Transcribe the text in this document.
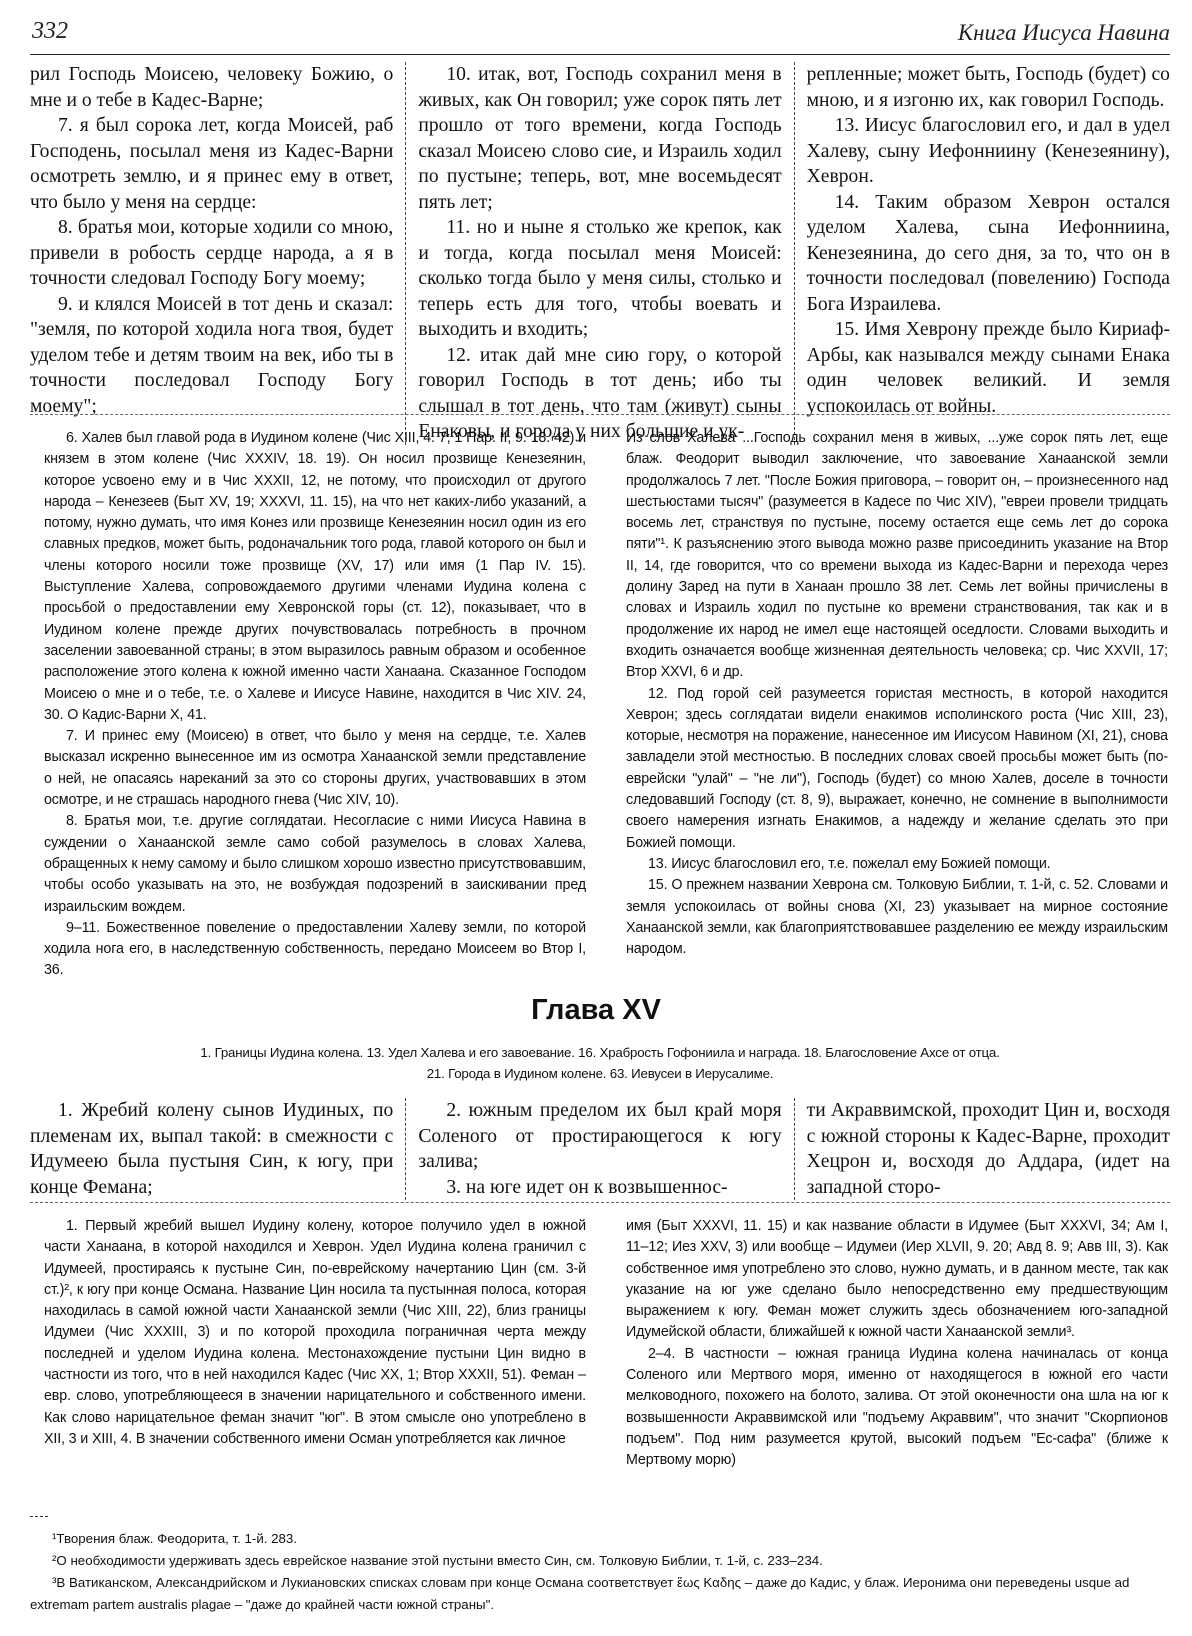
332	Книга Иисуса Навина

рил Господь Моисею, человеку Божию, о мне и о тебе в Кадес-Варне;

7. я был сорока лет, когда Моисей, раб Господень, посылал меня из Кадес-Варни осмотреть землю, и я принес ему в ответ, что было у меня на сердце:

8. братья мои, которые ходили со мною, привели в робость сердце народа, а я в точности следовал Господу Богу моему;

9. и клялся Моисей в тот день и сказал: "земля, по которой ходила нога твоя, будет уделом тебе и детям твоим на век, ибо ты в точности последовал Господу Богу моему";

10. итак, вот, Господь сохранил меня в живых, как Он говорил; уже сорок пять лет прошло от того времени, когда Господь сказал Моисею слово сие, и Израиль ходил по пустыне; теперь, вот, мне восемьдесят пять лет;

11. но и ныне я столько же крепок, как и тогда, когда посылал меня Моисей: сколько тогда было у меня силы, столько и теперь есть для того, чтобы воевать и выходить и входить;

12. итак дай мне сию гору, о которой говорил Господь в тот день; ибо ты слышал в тот день, что там (живут) сыны Енаковы, и города у них большие и ук-

репленные; может быть, Господь (будет) со мною, и я изгоню их, как говорил Господь.

13. Иисус благословил его, и дал в удел Халеву, сыну Иефонниину (Кенезеянину), Хеврон.

14. Таким образом Хеврон остался уделом Халева, сына Иефонниина, Кенезеянина, до сего дня, за то, что он в точности последовал (повелению) Господа Бога Израилева.

15. Имя Хеврону прежде было Кириаф-Арбы, как назывался между сынами Енака один человек великий. И земля успокоилась от войны.

6. Халев был главой рода в Иудином колене (Чис XIII, 4. 7; 1 Пар. II, 9. 18. 42) и князем в этом колене (Чис XXXIV, 18. 19). Он носил прозвище Кенезеянин, которое усвоено ему и в Чис XXXII, 12, не потому, что происходил от другого народа – Кенезеев (Быт XV, 19; XXXVI, 11. 15), на что нет каких-либо указаний, а потому, нужно думать, что имя Конез или прозвище Кенезеянин носил один из его славных предков, может быть, родоначальник того рода, главой которого он был и члены которого носили тоже прозвище (XV, 17) или имя (1 Пар IV. 15). Выступление Халева, сопровождаемого другими членами Иудина колена с просьбой о предоставлении ему Хевронской горы (ст. 12), показывает, что в Иудином колене прежде других почувствовалась потребность в прочном заселении завоеванной страны; в этом выразилось равным образом и особенное расположение этого колена к южной именно части Ханаана. Сказанное Господом Моисею о мне и о тебе, т.е. о Халеве и Иисусе Навине, находится в Чис XIV. 24, 30. О Кадис-Варни X, 41.

7. И принес ему (Моисею) в ответ, что было у меня на сердце, т.е. Халев высказал искренно вынесенное им из осмотра Ханаанской земли представление о ней, не опасаясь нареканий за это со стороны других, участвовавших в этом осмотре, и не страшась народного гнева (Чис XIV, 10).

8. Братья мои, т.е. другие соглядатаи. Несогласие с ними Иисуса Навина в суждении о Ханаанской земле само собой разумелось в словах Халева, обращенных к нему самому и было слишком хорошо известно присутствовавшим, чтобы особо указывать на это, не возбуждая подозрений в заискивании пред израильским вождем.

9–11. Божественное повеление о предоставлении Халеву земли, по которой ходила нога его, в наследственную собственность, передано Моисеем во Втор I, 36.

Из слов Халева ...Господь сохранил меня в живых, ...уже сорок пять лет, еще блаж. Феодорит выводил заключение, что завоевание Ханаанской земли продолжалось 7 лет. "После Божия приговора, – говорит он, – произнесенного над шестьюстами тысяч" (разумеется в Кадесе по Чис XIV), "евреи провели тридцать восемь лет, странствуя по пустыне, посему остается еще семь лет до сорока пяти"¹. К разъяснению этого вывода можно разве присоединить указание на Втор II, 14, где говорится, что со времени выхода из Кадес-Варни и перехода через долину Заред на пути в Ханаан прошло 38 лет. Семь лет войны причислены в словах и Израиль ходил по пустыне ко времени странствования, так как и в продолжение их народ не имел еще настоящей оседлости. Словами выходить и входить означается вообще жизненная деятельность человека; ср. Чис XXVII, 17; Втор XXVI, 6 и др.

12. Под горой сей разумеется гористая местность, в которой находится Хеврон; здесь соглядатаи видели енакимов исполинского роста (Чис XIII, 23), которые, несмотря на поражение, нанесенное им Иисусом Навином (XI, 21), снова завладели этой местностью. В последних словах своей просьбы может быть (по-еврейски "улай" – "не ли"), Господь (будет) со мною Халев, доселе в точности следовавший Господу (ст. 8, 9), выражает, конечно, не сомнение в выполнимости своего намерения изгнать Енакимов, а надежду и желание сделать это при Божией помощи.

13. Иисус благословил его, т.е. пожелал ему Божией помощи.

15. О прежнем названии Хеврона см. Толковую Библии, т. 1-й, с. 52. Словами и земля успокоилась от войны снова (XI, 23) указывает на мирное состояние Ханаанской земли, как благоприятствовавшее разделению ее между израильским народом.

Глава XV
1. Границы Иудина колена. 13. Удел Халева и его завоевание. 16. Храбрость Гофониила и награда. 18. Благословение Ахсе от отца.
21. Города в Иудином колене. 63. Иевусеи в Иерусалиме.

1. Жребий колену сынов Иудиных, по племенам их, выпал такой: в смежности с Идумеею была пустыня Син, к югу, при конце Фемана;

2. южным пределом их был край моря Соленого от простирающегося к югу залива;

3. на юге идет он к возвышеннос-

ти Акраввимской, проходит Цин и, восходя с южной стороны к Кадес-Варне, проходит Хецрон и, восходя до Аддара, (идет на западной сторо-

1. Первый жребий вышел Иудину колену, которое получило удел в южной части Ханаана, в которой находился и Хеврон. Удел Иудина колена граничил с Идумеей, простираясь к пустыне Син, по-еврейскому начертанию Цин (см. 3-й ст.)², к югу при конце Османа. Название Цин носила та пустынная полоса, которая находилась в самой южной части Ханаанской земли (Чис XIII, 22), близ границы Идумеи (Чис XXXIII, 3) и по которой проходила пограничная черта между последней и уделом Иудина колена. Местонахождение пустыни Цин видно в частности из того, что в ней находился Кадес (Чис XX, 1; Втор XXXII, 51). Феман – евр. слово, употребляющееся в значении нарицательного и собственного имени. Как слово нарицательное феман значит "юг". В этом смысле оно употреблено в XII, 3 и XIII, 4. В значении собственного имени Осман употребляется как личное

имя (Быт XXXVI, 11. 15) и как название области в Идумее (Быт XXXVI, 34; Ам I, 11–12; Иез XXV, 3) или вообще – Идумеи (Иер XLVII, 9. 20; Авд 8. 9; Авв III, 3). Как собственное имя употреблено это слово, нужно думать, и в данном месте, так как указание на юг уже сделано было непосредственно ему предшествующим выражением к югу. Феман может служить здесь обозначением юго-западной Идумейской области, ближайшей к южной части Ханаанской земли³.

2–4. В частности – южная граница Иудина колена начиналась от конца Соленого или Мертвого моря, именно от находящегося в южной его части мелководного, похожего на болото, залива. От этой оконечности она шла на юг к возвышенности Акраввимской или "подъему Акраввим", что значит "Скорпионов подъем". Под ним разумеется крутой, высокий подъем "Ес-сафа" (ближе к Мертвому морю)

¹Творения блаж. Феодорита, т. 1-й. 283.

²О необходимости удерживать здесь еврейское название этой пустыни вместо Син, см. Толковую Библии, т. 1-й, с. 233–234.

³В Ватиканском, Александрийском и Лукиановских списках словам при конце Османа соответствует ἕως Καδης – даже до Кадис, у блаж. Иеронима они переведены usque ad extremam partem australis plagae – "даже до крайней части южной страны".
